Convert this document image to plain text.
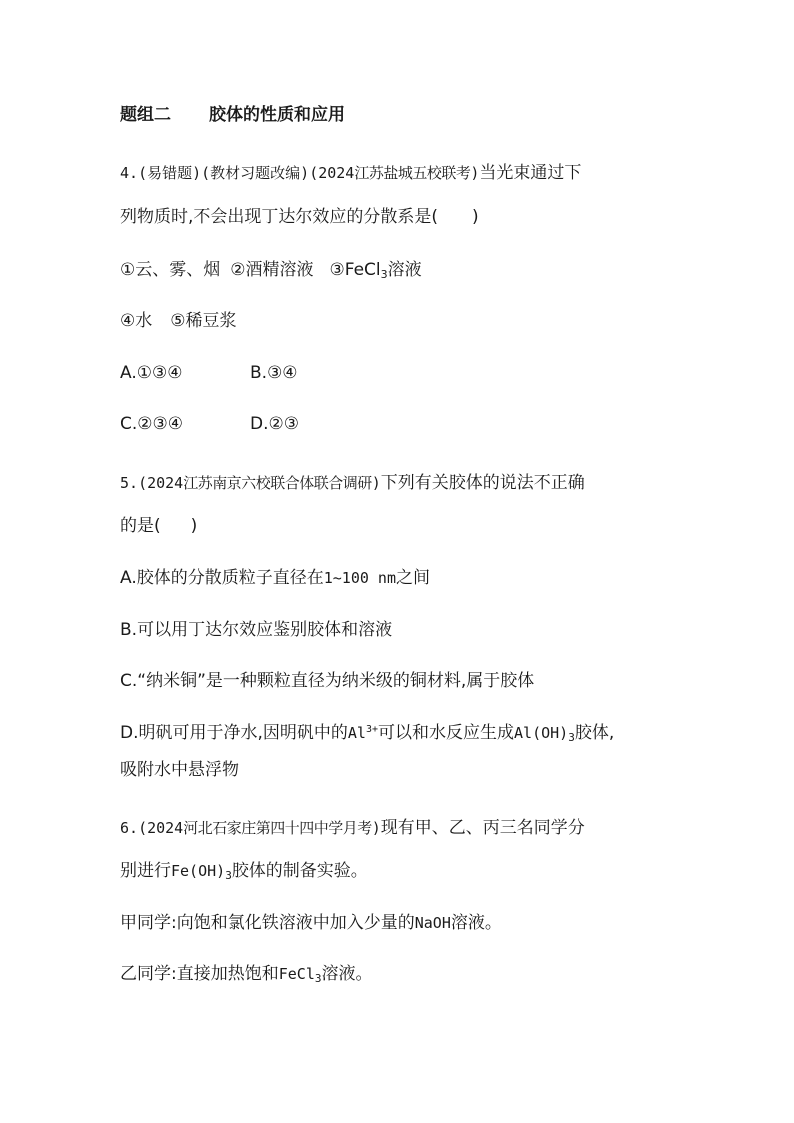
题组二 胶体的性质和应用
4.(易错题)(教材习题改编)(2024江苏盐城五校联考)当光束通过下
列物质时,不会出现丁达尔效应的分散系是( )
①云、雾、烟 ②酒精溶液 ③FeCl$_3$溶液
④水 ⑤稀豆浆
A.①③④	B.③④
C.②③④	D.②③
5.(2024江苏南京六校联合体联合调研)下列有关胶体的说法不正确
的是( )
A.胶体的分散质粒子直径在1~100 nm之间
B.可以用丁达尔效应鉴别胶体和溶液
C.“纳米铜”是一种颗粒直径为纳米级的铜材料,属于胶体
D.明矾可用于净水,因明矾中的$Al^{3+}$可以和水反应生成$Al(OH)_3$胶体,
吸附水中悬浮物
6.(2024河北石家庄第四十四中学月考)现有甲、乙、丙三名同学分
别进行$Fe(OH)_3$胶体的制备实验。
甲同学:向饱和氯化铁溶液中加入少量的NaOH溶液。
乙同学:直接加热饱和FeCl$_3$溶液。
